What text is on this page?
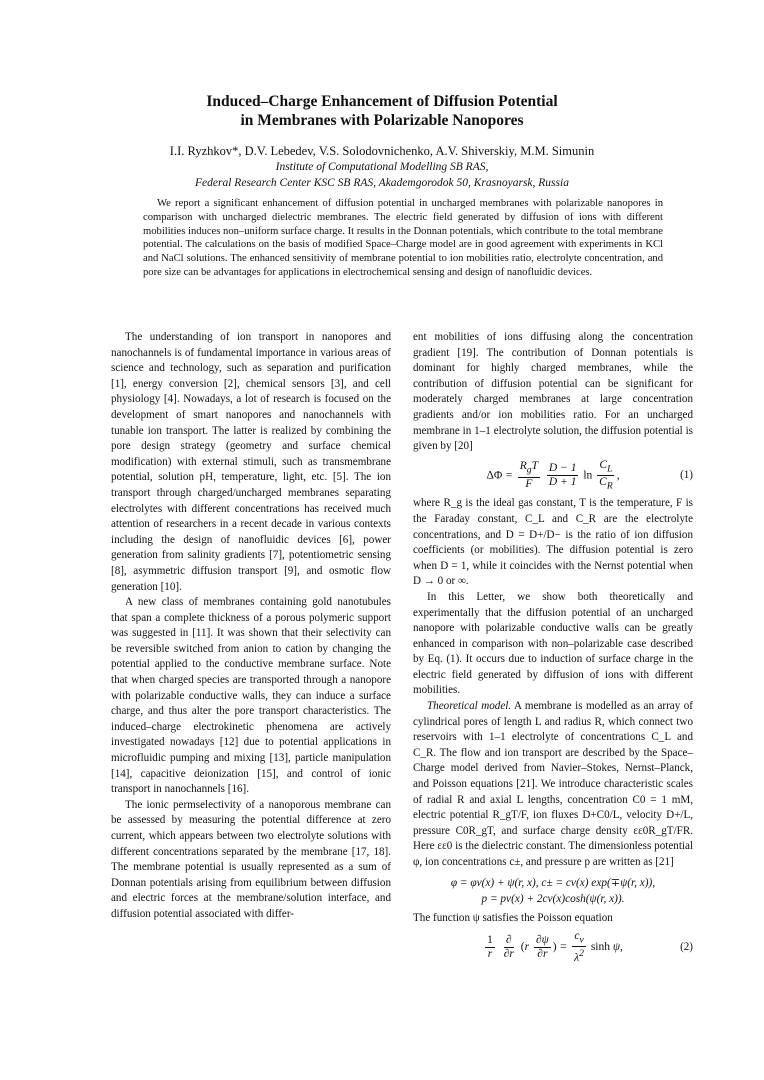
Induced–Charge Enhancement of Diffusion Potential
in Membranes with Polarizable Nanopores
I.I. Ryzhkov*, D.V. Lebedev, V.S. Solodovnichenko, A.V. Shiverskiy, M.M. Simunin
Institute of Computational Modelling SB RAS,
Federal Research Center KSC SB RAS, Akademgorodok 50, Krasnoyarsk, Russia
We report a significant enhancement of diffusion potential in uncharged membranes with polarizable nanopores in comparison with uncharged dielectric membranes. The electric field generated by diffusion of ions with different mobilities induces non–uniform surface charge. It results in the Donnan potentials, which contribute to the total membrane potential. The calculations on the basis of modified Space–Charge model are in good agreement with experiments in KCl and NaCl solutions. The enhanced sensitivity of membrane potential to ion mobilities ratio, electrolyte concentration, and pore size can be advantages for applications in electrochemical sensing and design of nanofluidic devices.

The understanding of ion transport in nanopores and nanochannels is of fundamental importance in various areas of science and technology, such as separation and purification [1], energy conversion [2], chemical sensors [3], and cell physiology [4]. Nowadays, a lot of research is focused on the development of smart nanopores and nanochannels with tunable ion transport. The latter is realized by combining the pore design strategy (geometry and surface chemical modification) with external stimuli, such as transmembrane potential, solution pH, temperature, light, etc. [5]. The ion transport through charged/uncharged membranes separating electrolytes with different concentrations has received much attention of researchers in a recent decade in various contexts including the design of nanofluidic devices [6], power generation from salinity gradients [7], potentiometric sensing [8], asymmetric diffusion transport [9], and osmotic flow generation [10].

A new class of membranes containing gold nanotubules that span a complete thickness of a porous polymeric support was suggested in [11]. It was shown that their selectivity can be reversible switched from anion to cation by changing the potential applied to the conductive membrane surface. Note that when charged species are transported through a nanopore with polarizable conductive walls, they can induce a surface charge, and thus alter the pore transport characteristics. The induced–charge electrokinetic phenomena are actively investigated nowadays [12] due to potential applications in microfluidic pumping and mixing [13], particle manipulation [14], capacitive deionization [15], and control of ionic transport in nanochannels [16].

The ionic permselectivity of a nanoporous membrane can be assessed by measuring the potential difference at zero current, which appears between two electrolyte solutions with different concentrations separated by the membrane [17, 18]. The membrane potential is usually represented as a sum of Donnan potentials arising from equilibrium between diffusion and electric forces at the membrane/solution interface, and diffusion potential associated with differ-

ent mobilities of ions diffusing along the concentration gradient [19]. The contribution of Donnan potentials is dominant for highly charged membranes, while the contribution of diffusion potential can be significant for moderately charged membranes at large concentration gradients and/or ion mobilities ratio. For an uncharged membrane in 1–1 electrolyte solution, the diffusion potential is given by [20]

$\Delta\Phi = \frac{R_gT}{F}$
$\frac{D - 1}{D + 1}$ $\ln \frac{C_L}{C_R}$ ,	(1)

where R_g is the ideal gas constant, T is the temperature, F is the Faraday constant, C_L and C_R are the electrolyte concentrations, and D = D+/D− is the ratio of ion diffusion coefficients (or mobilities). The diffusion potential is zero when D = 1, while it coincides with the Nernst potential when D → 0 or ∞.

In this Letter, we show both theoretically and experimentally that the diffusion potential of an uncharged nanopore with polarizable conductive walls can be greatly enhanced in comparison with non–polarizable case described by Eq. (1). It occurs due to induction of surface charge in the electric field generated by diffusion of ions with different mobilities.

Theoretical model. A membrane is modelled as an array of cylindrical pores of length L and radius R, which connect two reservoirs with 1–1 electrolyte of concentrations C_L and C_R. The flow and ion transport are described by the Space–Charge model derived from Navier–Stokes, Nernst–Planck, and Poisson equations [21]. We introduce characteristic scales of radial R and axial L lengths, concentration C0 = 1 mM, electric potential R_gT/F, ion fluxes D+C0/L, velocity D+/L, pressure C0R_gT, and surface charge density εε0R_gT/FR. Here εε0 is the dielectric constant. The dimensionless potential φ, ion concentrations c±, and pressure p are written as [21]

φ = φv(x) + ψ(r, x), c± = cv(x) exp(∓ψ(r, x)),
p = pv(x) + 2cv(x)cosh(ψ(r, x)).

The function ψ satisfies the Poisson equation

$\frac{1}{r}$
$\frac{\partial}{\partial r} (r \frac{\partial\psi}{\partial r}$ ) = $\frac{c_v}{\lambda^2}$ sinh ψ,	(2)
